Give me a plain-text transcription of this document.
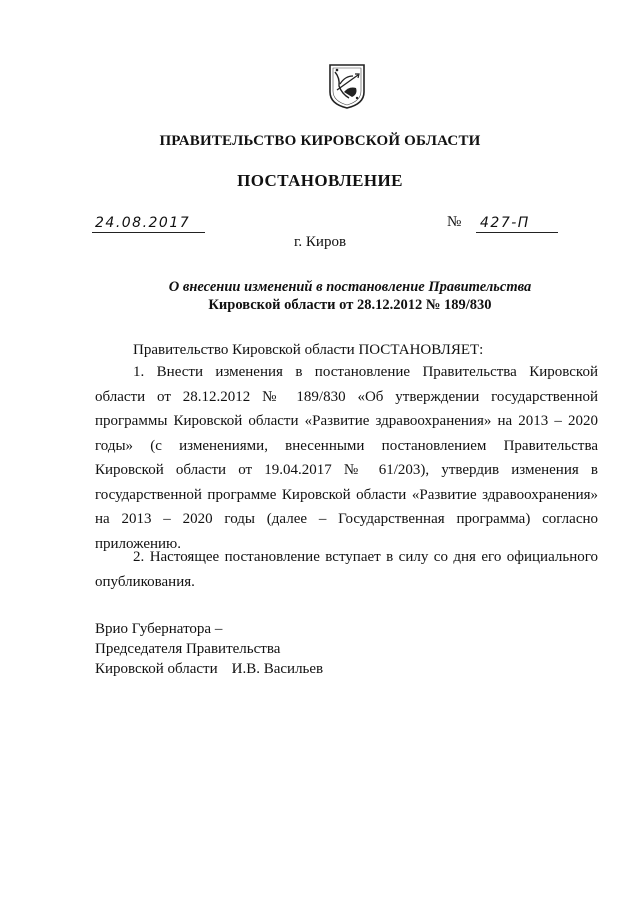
ПРАВИТЕЛЬСТВО КИРОВСКОЙ ОБЛАСТИ
ПОСТАНОВЛЕНИЕ
24.08.2017	№ 427-П
г. Киров
О внесении изменений в постановление Правительства
Кировской области от 28.12.2012 № 189/830
Правительство Кировской области ПОСТАНОВЛЯЕТ:
1. Внести изменения в постановление Правительства Кировской области от 28.12.2012 № 189/830 «Об утверждении государственной программы Кировской области «Развитие здравоохранения» на 2013 – 2020 годы» (с изменениями, внесенными постановлением Правительства Кировской области от 19.04.2017 № 61/203), утвердив изменения в государственной программе Кировской области «Развитие здравоохранения» на 2013 – 2020 годы (далее – Государственная программа) согласно приложению.
2. Настоящее постановление вступает в силу со дня его официального опубликования.
Врио Губернатора –
Председателя Правительства
Кировской области И.В. Васильев
